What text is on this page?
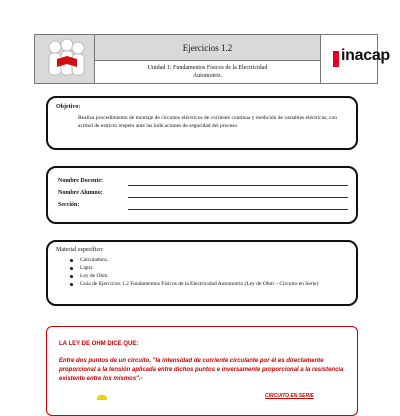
Ejercicios 1.2
Unidad 1: Fundamentos Físicos de la Electricidad
Automotriz.
inacap
Objetivo:
Realiza procedimiento de montaje de circuitos eléctricos de corriente continua y medición de variables eléctricas, con actitud de estricto respeto ante las indicaciones de seguridad del proceso
Nombre Docente:
Nombre Alumno:
Sección:
Material específico:
Calculadora.
Lápiz
Ley de Ohm.
Guía de Ejercicios 1.2 Fundamentos Físicos de la Electricidad Automotriz (Ley de Ohm – Circuito en Serie)
LA LEY DE OHM DICE QUE:
Entre dos puntos de un circuito, "la intensidad de corriente circulante por él es directamente proporcional a la tensión aplicada entre dichos puntos e inversamente proporcional a la resistencia existente entre los mismos".-
CIRCUITO EN SERIE
